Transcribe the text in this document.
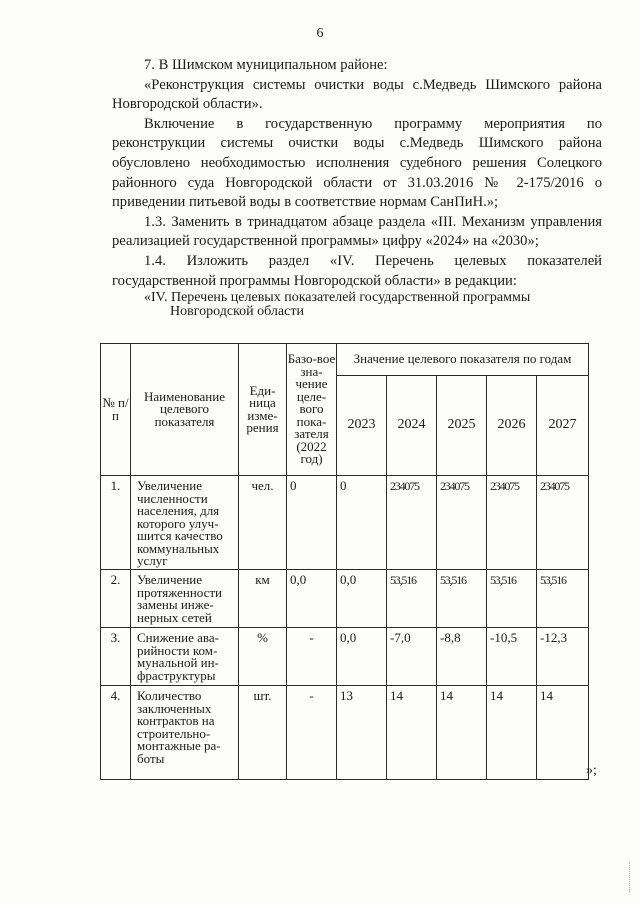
6

7. В Шимском муниципальном районе:

«Реконструкция системы очистки воды с.Медведь Шимского района Новгородской области».

Включение в государственную программу мероприятия по реконструкции системы очистки воды с.Медведь Шимского района обусловлено необходимостью исполнения судебного решения Солецкого районного суда Новгородской области от 31.03.2016 № 2-175/2016 о приведении питьевой воды в соответствие нормам СанПиН.»;

1.3. Заменить в тринадцатом абзаце раздела «III. Механизм управления реализацией государственной программы» цифру «2024» на «2030»;

1.4. Изложить раздел «IV. Перечень целевых показателей государственной программы Новгородской области» в редакции:

«IV. Перечень целевых показателей государственной программы
Новгородской области

№ п/п	Наименование целевого показателя	Еди-ница изме-рения	Базо-вое зна-чение целе-вого пока-зателя (2022 год)	Значение целевого показателя по годам				
				2023	2024	2025	2026	2027
1.	Увеличение численности населения, для которого улуч-шится качество коммунальных услуг	чел.	0	0	234075	234075	234075	234075
2.	Увеличение протяженности замены инже-нерных сетей	км	0,0	0,0	53,516	53,516	53,516	53,516
3.	Снижение ава-рийности ком-мунальной ин-фраструктуры	%	-	0,0	-7,0	-8,8	-10,5	-12,3
4.	Количество заключенных контрактов на строительно-монтажные ра-боты	шт.	-	13	14	14	14	14
»;
